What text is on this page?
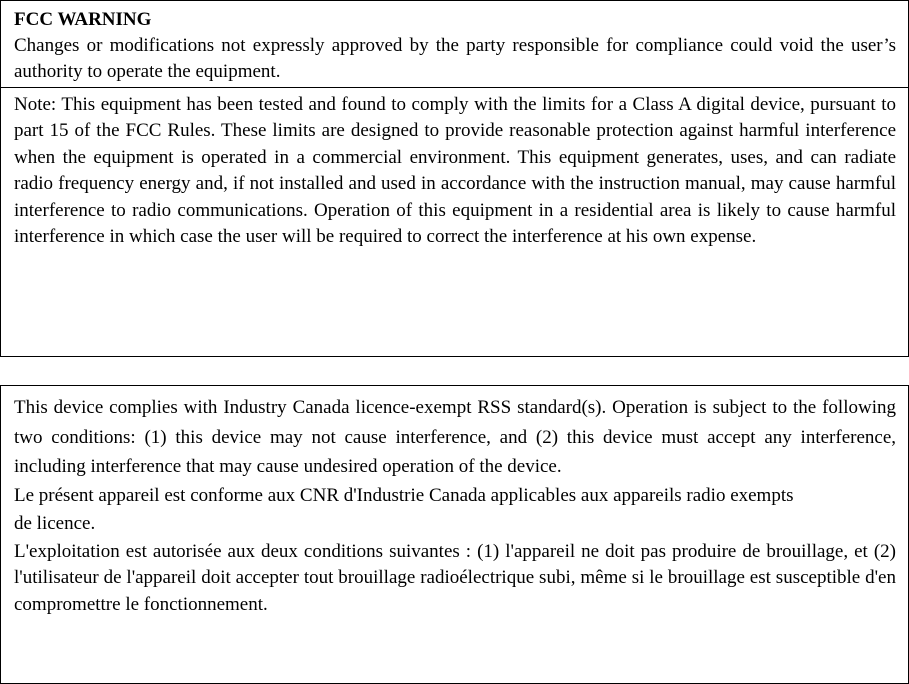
FCC WARNING

Changes or modifications not expressly approved by the party responsible for compliance could void the user’s authority to operate the equipment.

Note: This equipment has been tested and found to comply with the limits for a Class A digital device, pursuant to part 15 of the FCC Rules. These limits are designed to provide reasonable protection against harmful interference when the equipment is operated in a commercial environment. This equipment generates, uses, and can radiate radio frequency energy and, if not installed and used in accordance with the instruction manual, may cause harmful interference to radio communications. Operation of this equipment in a residential area is likely to cause harmful interference in which case the user will be required to correct the interference at his own expense.

This device complies with Industry Canada licence-exempt RSS standard(s). Operation is subject to the following two conditions: (1) this device may not cause interference, and (2) this device must accept any interference, including interference that may cause undesired operation of the device.

Le présent appareil est conforme aux CNR d'Industrie Canada applicables aux appareils radio exempts de licence.

L'exploitation est autorisée aux deux conditions suivantes : (1) l'appareil ne doit pas produire de brouillage, et (2) l'utilisateur de l'appareil doit accepter tout brouillage radioélectrique subi, même si le brouillage est susceptible d'en compromettre le fonctionnement.
